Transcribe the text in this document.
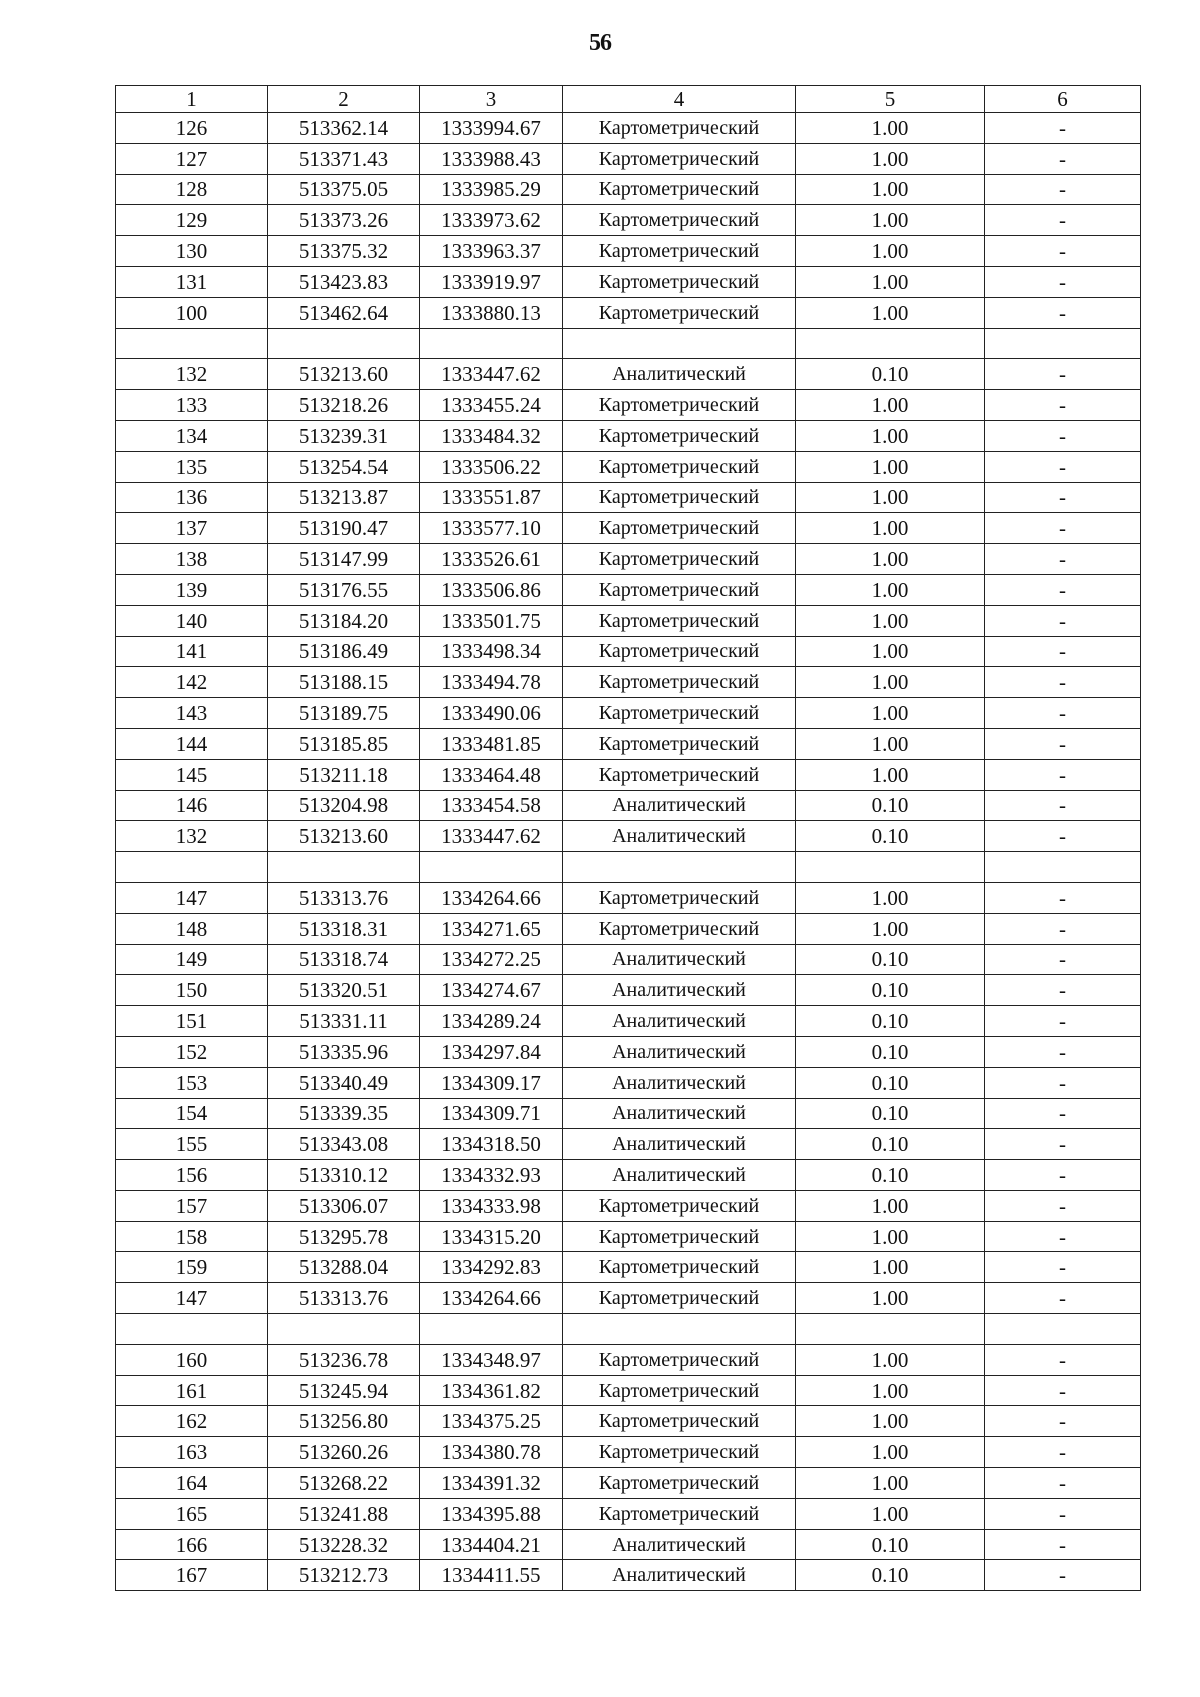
56
1	2	3	4	5	6
126	513362.14	1333994.67	Картометрический	1.00	-
127	513371.43	1333988.43	Картометрический	1.00	-
128	513375.05	1333985.29	Картометрический	1.00	-
129	513373.26	1333973.62	Картометрический	1.00	-
130	513375.32	1333963.37	Картометрический	1.00	-
131	513423.83	1333919.97	Картометрический	1.00	-
100	513462.64	1333880.13	Картометрический	1.00	-

132	513213.60	1333447.62	Аналитический	0.10	-
133	513218.26	1333455.24	Картометрический	1.00	-
134	513239.31	1333484.32	Картометрический	1.00	-
135	513254.54	1333506.22	Картометрический	1.00	-
136	513213.87	1333551.87	Картометрический	1.00	-
137	513190.47	1333577.10	Картометрический	1.00	-
138	513147.99	1333526.61	Картометрический	1.00	-
139	513176.55	1333506.86	Картометрический	1.00	-
140	513184.20	1333501.75	Картометрический	1.00	-
141	513186.49	1333498.34	Картометрический	1.00	-
142	513188.15	1333494.78	Картометрический	1.00	-
143	513189.75	1333490.06	Картометрический	1.00	-
144	513185.85	1333481.85	Картометрический	1.00	-
145	513211.18	1333464.48	Картометрический	1.00	-
146	513204.98	1333454.58	Аналитический	0.10	-
132	513213.60	1333447.62	Аналитический	0.10	-

147	513313.76	1334264.66	Картометрический	1.00	-
148	513318.31	1334271.65	Картометрический	1.00	-
149	513318.74	1334272.25	Аналитический	0.10	-
150	513320.51	1334274.67	Аналитический	0.10	-
151	513331.11	1334289.24	Аналитический	0.10	-
152	513335.96	1334297.84	Аналитический	0.10	-
153	513340.49	1334309.17	Аналитический	0.10	-
154	513339.35	1334309.71	Аналитический	0.10	-
155	513343.08	1334318.50	Аналитический	0.10	-
156	513310.12	1334332.93	Аналитический	0.10	-
157	513306.07	1334333.98	Картометрический	1.00	-
158	513295.78	1334315.20	Картометрический	1.00	-
159	513288.04	1334292.83	Картометрический	1.00	-
147	513313.76	1334264.66	Картометрический	1.00	-

160	513236.78	1334348.97	Картометрический	1.00	-
161	513245.94	1334361.82	Картометрический	1.00	-
162	513256.80	1334375.25	Картометрический	1.00	-
163	513260.26	1334380.78	Картометрический	1.00	-
164	513268.22	1334391.32	Картометрический	1.00	-
165	513241.88	1334395.88	Картометрический	1.00	-
166	513228.32	1334404.21	Аналитический	0.10	-
167	513212.73	1334411.55	Аналитический	0.10	-
